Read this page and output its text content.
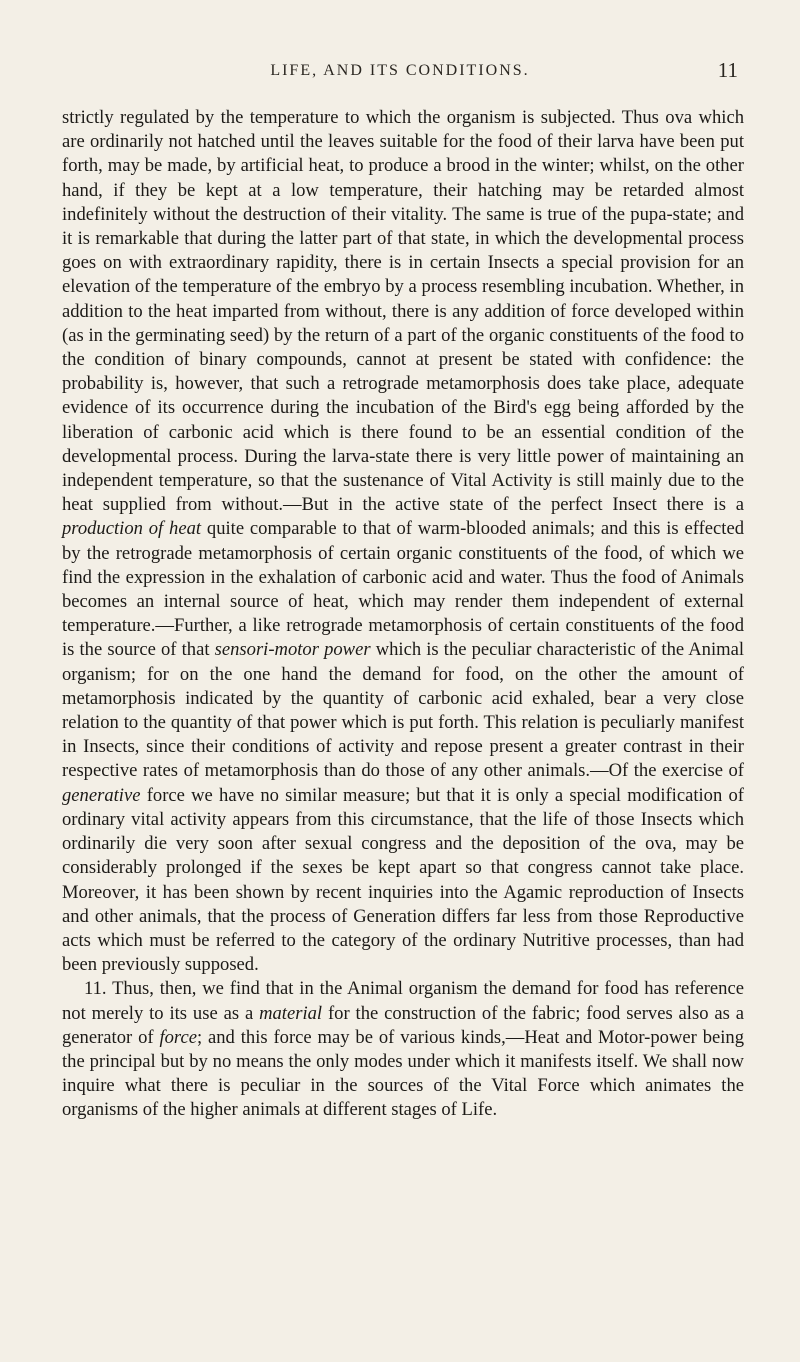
LIFE, AND ITS CONDITIONS.	11

strictly regulated by the temperature to which the organism is subjected. Thus ova which are ordinarily not hatched until the leaves suitable for the food of their larva have been put forth, may be made, by artificial heat, to produce a brood in the winter; whilst, on the other hand, if they be kept at a low temperature, their hatching may be retarded almost indefinitely without the destruction of their vitality. The same is true of the pupa-state; and it is remarkable that during the latter part of that state, in which the developmental process goes on with extraordinary rapidity, there is in certain Insects a special provision for an elevation of the temperature of the embryo by a process resembling incubation. Whether, in addition to the heat imparted from without, there is any addition of force developed within (as in the germinating seed) by the return of a part of the organic constituents of the food to the condition of binary compounds, cannot at present be stated with confidence: the probability is, however, that such a retrograde metamorphosis does take place, adequate evidence of its occurrence during the incubation of the Bird's egg being afforded by the liberation of carbonic acid which is there found to be an essential condition of the developmental process. During the larva-state there is very little power of maintaining an independent temperature, so that the sustenance of Vital Activity is still mainly due to the heat supplied from without.—But in the active state of the perfect Insect there is a production of heat quite comparable to that of warm-blooded animals; and this is effected by the retrograde metamorphosis of certain organic constituents of the food, of which we find the expression in the exhalation of carbonic acid and water. Thus the food of Animals becomes an internal source of heat, which may render them independent of external temperature.—Further, a like retrograde metamorphosis of certain constituents of the food is the source of that sensori-motor power which is the peculiar characteristic of the Animal organism; for on the one hand the demand for food, on the other the amount of metamorphosis indicated by the quantity of carbonic acid exhaled, bear a very close relation to the quantity of that power which is put forth. This relation is peculiarly manifest in Insects, since their conditions of activity and repose present a greater contrast in their respective rates of metamorphosis than do those of any other animals.—Of the exercise of generative force we have no similar measure; but that it is only a special modification of ordinary vital activity appears from this circumstance, that the life of those Insects which ordinarily die very soon after sexual congress and the deposition of the ova, may be considerably prolonged if the sexes be kept apart so that congress cannot take place. Moreover, it has been shown by recent inquiries into the Agamic reproduction of Insects and other animals, that the process of Generation differs far less from those Reproductive acts which must be referred to the category of the ordinary Nutritive processes, than had been previously supposed.

11. Thus, then, we find that in the Animal organism the demand for food has reference not merely to its use as a material for the construction of the fabric; food serves also as a generator of force; and this force may be of various kinds,—Heat and Motor-power being the principal but by no means the only modes under which it manifests itself. We shall now inquire what there is peculiar in the sources of the Vital Force which animates the organisms of the higher animals at different stages of Life.
